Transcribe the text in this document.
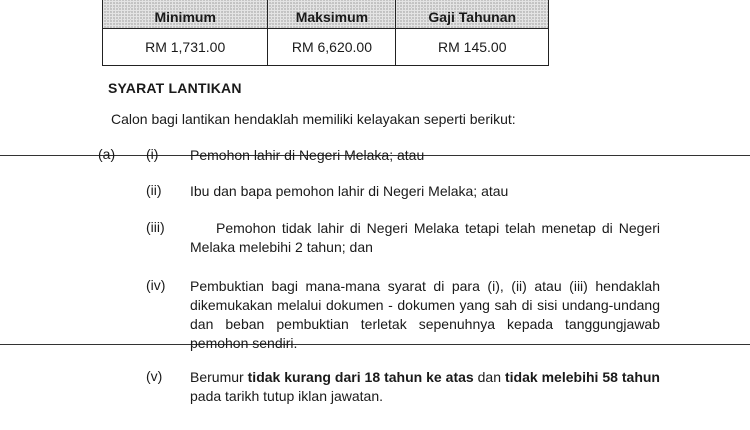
Minimum	Maksimum	Gaji Tahunan
RM 1,731.00	RM 6,620.00	RM 145.00
SYARAT LANTIKAN
Calon bagi lantikan hendaklah memiliki kelayakan seperti berikut:
(a) (i) Pemohon lahir di Negeri Melaka; atau
(ii) Ibu dan bapa pemohon lahir di Negeri Melaka; atau
(iii)	Pemohon tidak lahir di Negeri Melaka tetapi telah menetap di Negeri Melaka melebihi 2 tahun; dan
(iv) Pembuktian bagi mana-mana syarat di para (i), (ii) atau (iii) hendaklah dikemukakan melalui dokumen - dokumen yang sah di sisi undang-undang dan beban pembuktian terletak sepenuhnya kepada tanggungjawab pemohon sendiri.
(v) Berumur tidak kurang dari 18 tahun ke atas dan tidak melebihi 58 tahun pada tarikh tutup iklan jawatan.
